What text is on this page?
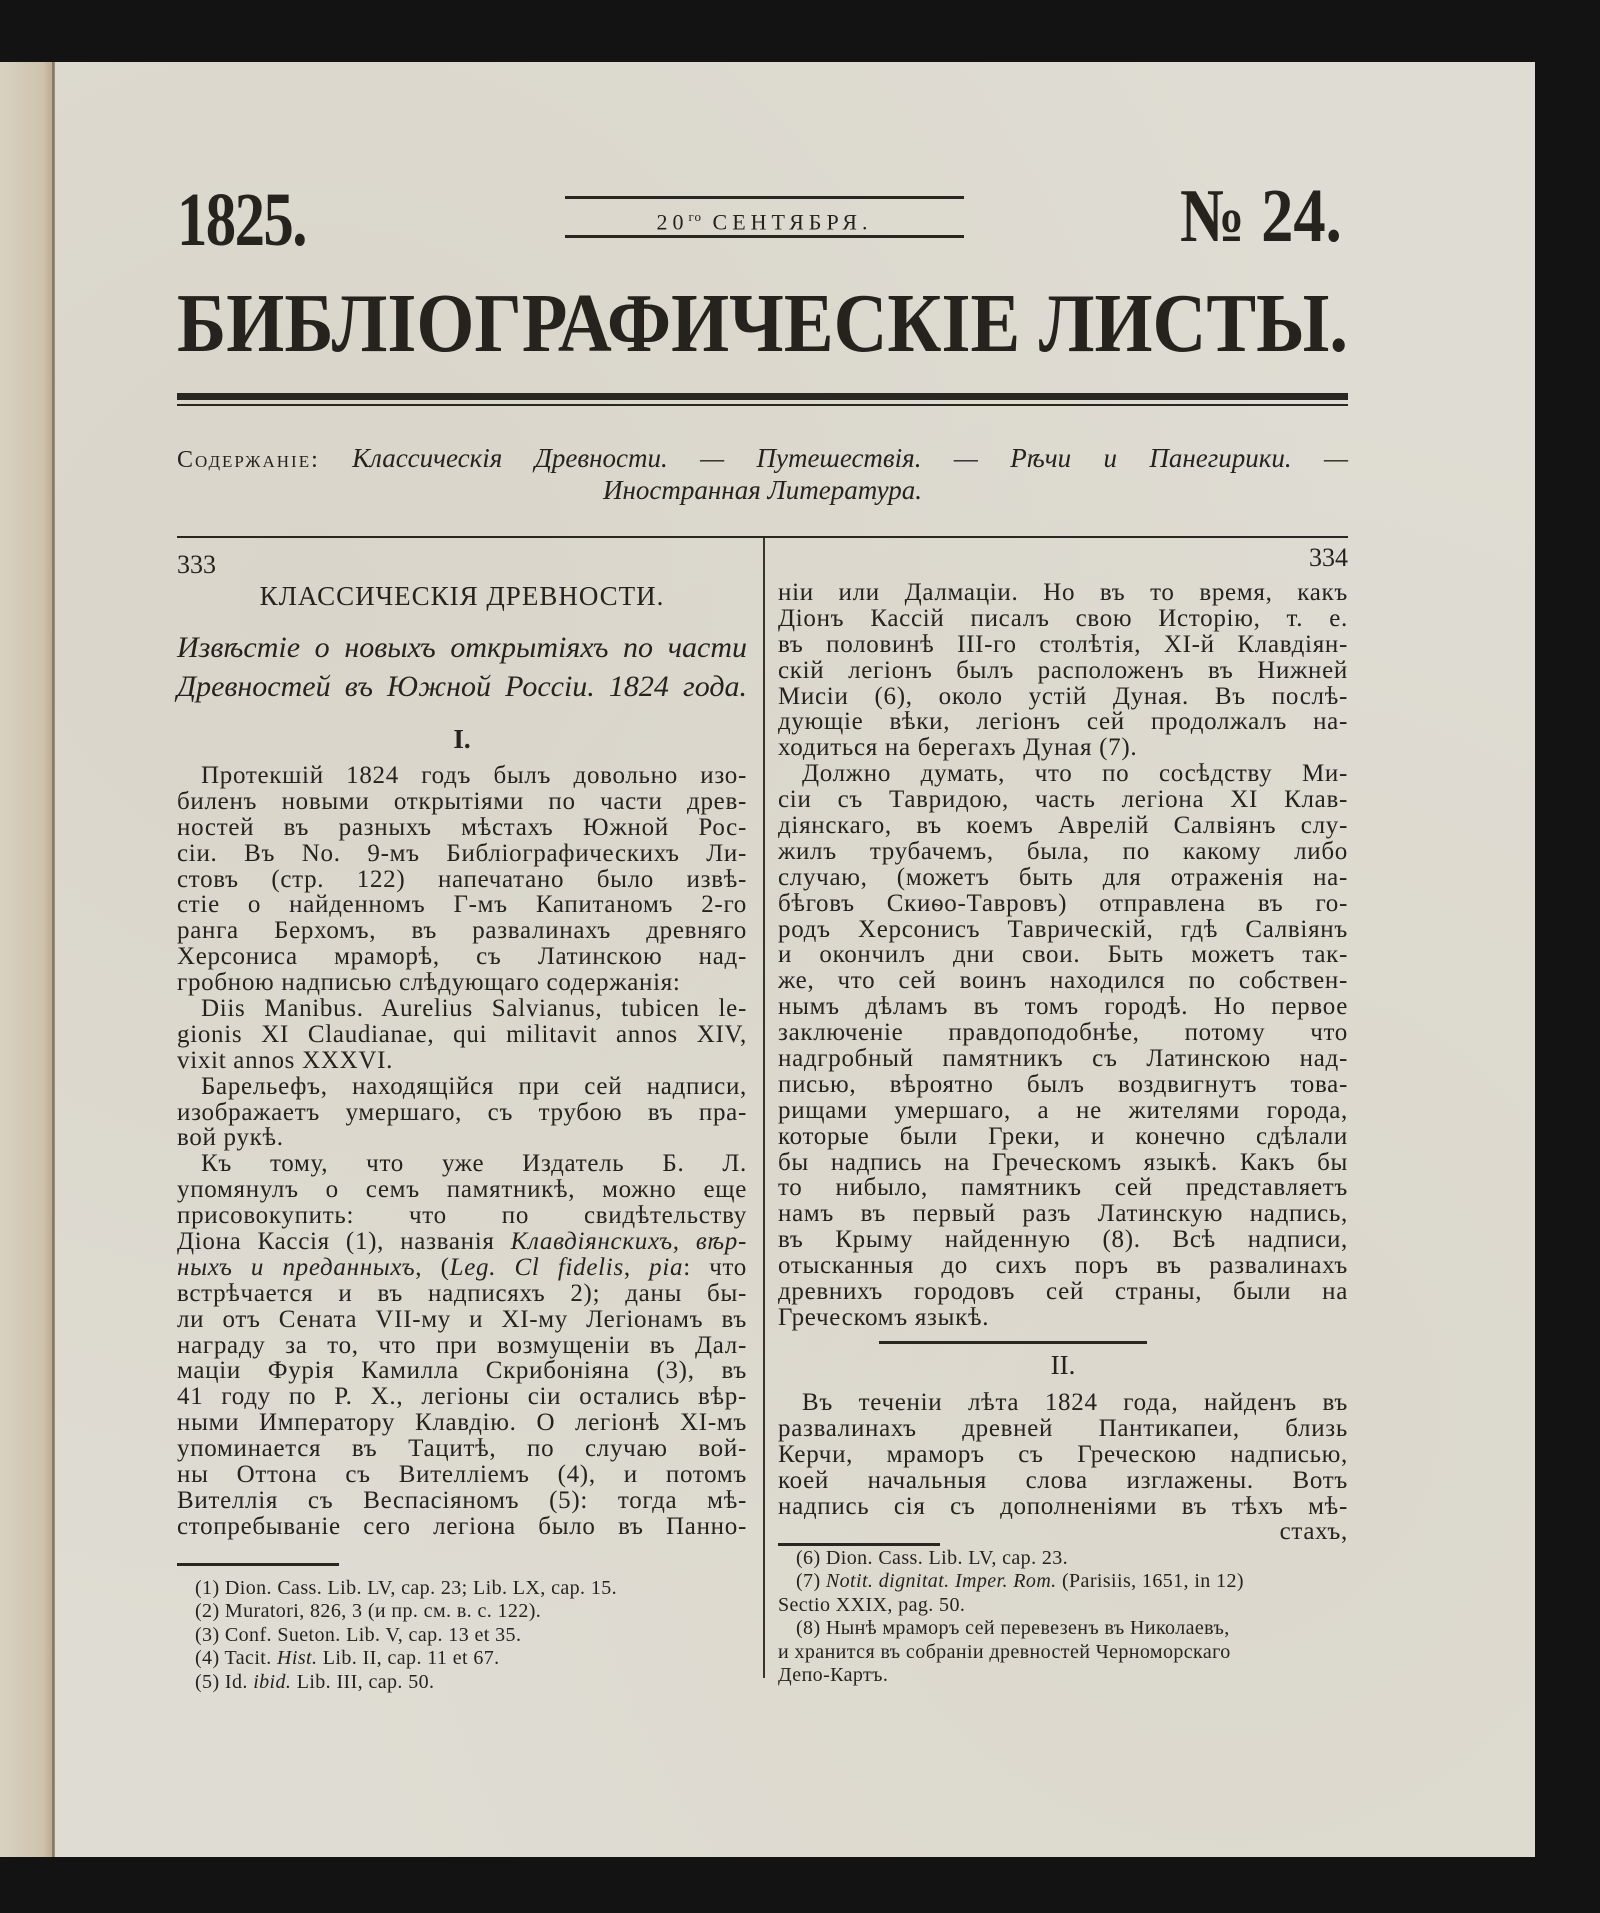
1825.	$20^{го}$ СЕНТЯБРЯ.	№ 24.
БИБЛІОГРАФИЧЕСКІЕ ЛИСТЫ.
Содержаніе: Классическія Древности. — Путешествія. — Рѣчи и Панегирики. —
Иностранная Литература.
333
КЛАССИЧЕСКІЯ ДРЕВНОСТИ.
Извѣстіе о новыхъ открытіяхъ по части
Древностей въ Южной Россіи. 1824 года.
I.
Протекшій 1824 годъ былъ довольно изо-
биленъ новыми открытіями по части древ-
ностей въ разныхъ мѣстахъ Южной Рос-
сіи. Въ No. 9-мъ Библіографическихъ Ли-
стовъ (стр. 122) напечатано было извѣ-
стіе о найденномъ Г-мъ Капитаномъ 2-го
ранга Берхомъ, въ развалинахъ древняго
Херсониса мраморѣ, съ Латинскою над-
гробною надписью слѣдующаго содержанія:
Diis Manibus. Aurelius Salvianus, tubicen le-
gionis XI Claudianae, qui militavit annos XIV,
vixit annos XXXVI.
Барельефъ, находящійся при сей надписи,
изображаетъ умершаго, съ трубою въ пра-
вой рукѣ.
Къ тому, что уже Издатель Б. Л.
упомянулъ о семъ памятникѣ, можно еще
присовокупить: что по свидѣтельству
Діона Кассія (1), названія Клавдіянскихъ, вѣр-
ныхъ и преданныхъ, (Leg. Cl fidelis, pia: что
встрѣчается и въ надписяхъ 2); даны бы-
ли отъ Сената VII-му и XI-му Легіонамъ въ
награду за то, что при возмущеніи въ Дал-
маціи Фурія Камилла Скрибоніяна (3), въ
41 году по Р. Х., легіоны сіи остались вѣр-
ными Императору Клавдію. О легіонѣ XI-мъ
упоминается въ Тацитѣ, по случаю вой-
ны Оттона съ Вителліемъ (4), и потомъ
Вителлія съ Веспасіяномъ (5): тогда мѣ-
стопребываніе сего легіона было въ Панно-
(1) Dion. Cass. Lib. LV, cap. 23; Lib. LX, cap. 15.
(2) Muratori, 826, 3 (и пр. см. в. с. 122).
(3) Conf. Sueton. Lib. V, cap. 13 et 35.
(4) Tacit. Hist. Lib. II, cap. 11 et 67.
(5) Id. ibid. Lib. III, cap. 50.
334
ніи или Далмаціи. Но въ то время, какъ
Діонъ Кассій писалъ свою Исторію, т. е.
въ половинѣ III-го столѣтія, XI-й Клавдіян-
скій легіонъ былъ расположенъ въ Нижней
Мисіи (6), около устій Дуная. Въ послѣ-
дующіе вѣки, легіонъ сей продолжалъ на-
ходиться на берегахъ Дуная (7).
Должно думать, что по сосѣдству Ми-
сіи съ Тавридою, часть легіона XI Клав-
діянскаго, въ коемъ Аврелій Салвіянъ слу-
жилъ трубачемъ, была, по какому либо
случаю, (можетъ быть для отраженія на-
бѣговъ Скиѳо-Тавровъ) отправлена въ го-
родъ Херсонисъ Таврическій, гдѣ Салвіянъ
и окончилъ дни свои. Быть можетъ так-
же, что сей воинъ находился по собствен-
нымъ дѣламъ въ томъ городѣ. Но первое
заключеніе правдоподобнѣе, потому что
надгробный памятникъ съ Латинскою над-
писью, вѣроятно былъ воздвигнутъ това-
рищами умершаго, а не жителями города,
которые были Греки, и конечно сдѣлали
бы надпись на Греческомъ языкѣ. Какъ бы
то нибыло, памятникъ сей представляетъ
намъ въ первый разъ Латинскую надпись,
въ Крыму найденную (8). Всѣ надписи,
отысканныя до сихъ поръ въ развалинахъ
древнихъ городовъ сей страны, были на
Греческомъ языкѣ.
II.
Въ теченіи лѣта 1824 года, найденъ въ
развалинахъ древней Пантикапеи, близь
Керчи, мраморъ съ Греческою надписью,
коей начальныя слова изглажены. Вотъ
надпись сія съ дополненіями въ тѣхъ мѣ-
стахъ,
(6) Dion. Cass. Lib. LV, cap. 23.
(7) Notit. dignitat. Imper. Rom. (Parisiis, 1651, in 12)
Sectio XXIX, pag. 50.
(8) Нынѣ мраморъ сей перевезенъ въ Николаевъ,
и хранится въ собраніи древностей Черноморскаго
Депо-Картъ.
